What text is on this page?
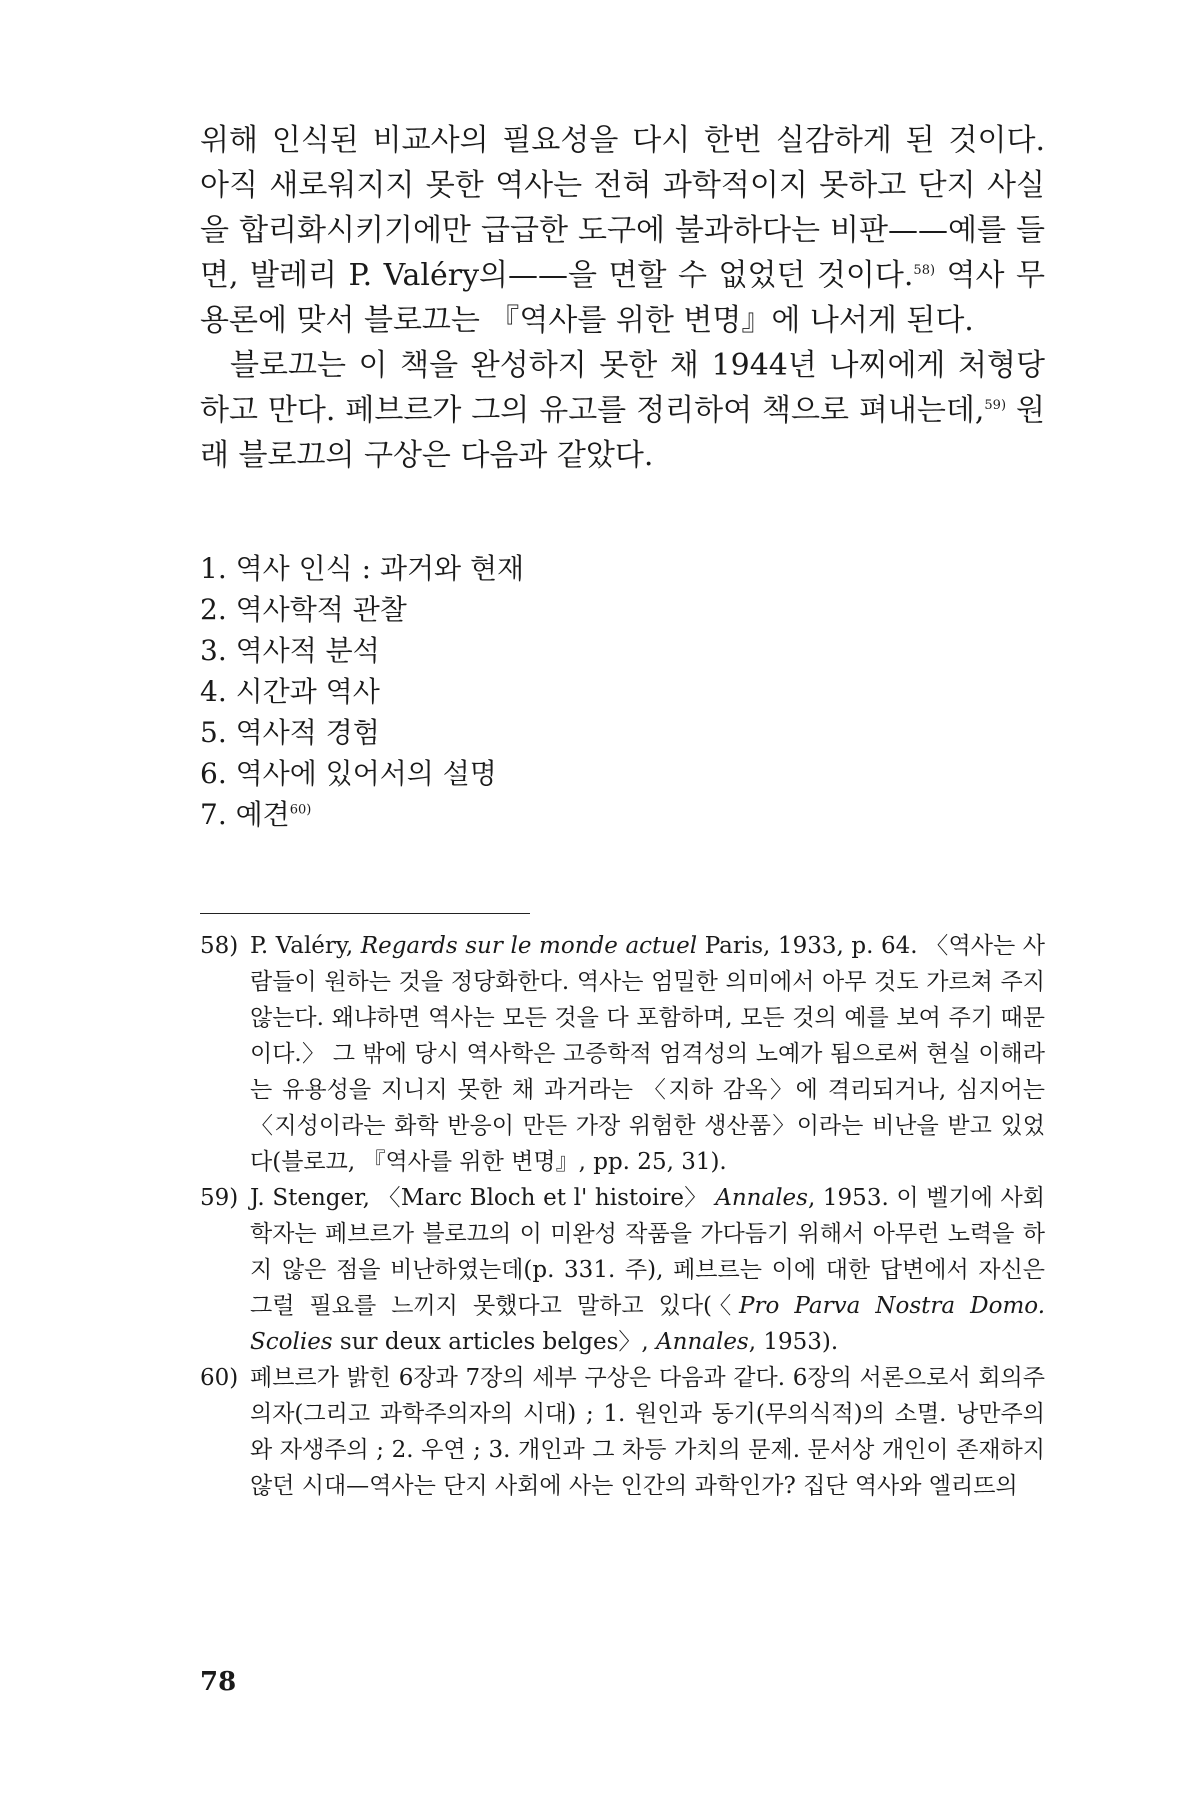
위해 인식된 비교사의 필요성을 다시 한번 실감하게 된 것이다. 아직 새로워지지 못한 역사는 전혀 과학적이지 못하고 단지 사실을 합리화시키기에만 급급한 도구에 불과하다는 비판——예를 들면, 발레리 P. Valéry의——을 면할 수 없었던 것이다.$^{58)}$ 역사 무용론에 맞서 블로끄는 『역사를 위한 변명』에 나서게 된다.

블로끄는 이 책을 완성하지 못한 채 1944년 나찌에게 처형당하고 만다. 페브르가 그의 유고를 정리하여 책으로 펴내는데,$^{59)}$ 원래 블로끄의 구상은 다음과 같았다.

1. 역사 인식 : 과거와 현재
2. 역사학적 관찰
3. 역사적 분석
4. 시간과 역사
5. 역사적 경험
6. 역사에 있어서의 설명
7. 예견$^{60)}$
58) P. Valéry, Regards sur le monde actuel Paris, 1933, p. 64. 〈역사는 사람들이 원하는 것을 정당화한다. 역사는 엄밀한 의미에서 아무 것도 가르쳐 주지 않는다. 왜냐하면 역사는 모든 것을 다 포함하며, 모든 것의 예를 보여 주기 때문이다.〉 그 밖에 당시 역사학은 고증학적 엄격성의 노예가 됨으로써 현실 이해라는 유용성을 지니지 못한 채 과거라는 〈지하 감옥〉에 격리되거나, 심지어는 〈지성이라는 화학 반응이 만든 가장 위험한 생산품〉이라는 비난을 받고 있었다(블로끄, 『역사를 위한 변명』, pp. 25, 31).
59) J. Stenger, 〈Marc Bloch et l' histoire〉 Annales, 1953. 이 벨기에 사회학자는 페브르가 블로끄의 이 미완성 작품을 가다듬기 위해서 아무런 노력을 하지 않은 점을 비난하였는데(p. 331. 주), 페브르는 이에 대한 답변에서 자신은 그럴 필요를 느끼지 못했다고 말하고 있다(〈Pro Parva Nostra Domo. Scolies sur deux articles belges〉, Annales, 1953).
60) 페브르가 밝힌 6장과 7장의 세부 구상은 다음과 같다. 6장의 서론으로서 회의주의자(그리고 과학주의자의 시대) ; 1. 원인과 동기(무의식적)의 소멸. 낭만주의와 자생주의 ; 2. 우연 ; 3. 개인과 그 차등 가치의 문제. 문서상 개인이 존재하지 않던 시대—역사는 단지 사회에 사는 인간의 과학인가? 집단 역사와 엘리뜨의
78
